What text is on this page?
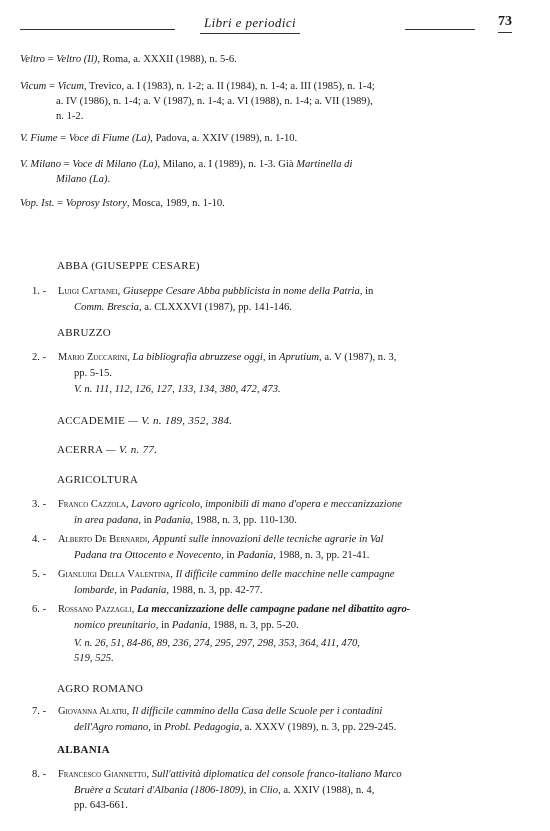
Libri e periodici	73
Veltro = Veltro (Il), Roma, a. XXXII (1988), n. 5-6.
Vicum = Vicum, Trevico, a. I (1983), n. 1-2; a. II (1984), n. 1-4; a. III (1985), n. 1-4;
a. IV (1986), n. 1-4; a. V (1987), n. 1-4; a. VI (1988), n. 1-4; a. VII (1989),
n. 1-2.
V. Fiume = Voce di Fiume (La), Padova, a. XXIV (1989), n. 1-10.
V. Milano = Voce di Milano (La), Milano, a. I (1989), n. 1-3. Già Martinella di
Milano (La).
Vop. Ist. = Voprosy Istory, Mosca, 1989, n. 1-10.
ABBA (GIUSEPPE CESARE)
1. - Luigi Cattanei, Giuseppe Cesare Abba pubblicista in nome della Patria, in
Comm. Brescia, a. CLXXXVI (1987), pp. 141-146.
ABRUZZO
2. - Mario Zuccarini, La bibliografia abruzzese oggi, in Aprutium, a. V (1987), n. 3,
pp. 5-15.
V. n. 111, 112, 126, 127, 133, 134, 380, 472, 473.
ACCADEMIE — V. n. 189, 352, 384.
ACERRA — V. n. 77.
AGRICOLTURA
3. - Franco Cazzola, Lavoro agricolo, imponibili di mano d'opera e meccanizzazione
in area padana, in Padania, 1988, n. 3, pp. 110-130.
4. - Alberto De Bernardi, Appunti sulle innovazioni delle tecniche agrarie in Val
Padana tra Ottocento e Novecento, in Padania, 1988, n. 3, pp. 21-41.
5. - Gianluigi Della Valentina, Il difficile cammino delle macchine nelle campagne
lombarde, in Padania, 1988, n. 3, pp. 42-77.
6. - Rossano Pazzagli, La meccanizzazione delle campagne padane nel dibattito agro-
nomico preunitario, in Padania, 1988, n. 3, pp. 5-20.
V. n. 26, 51, 84-86, 89, 236, 274, 295, 297, 298, 353, 364, 411, 470,
519, 525.
AGRO ROMANO
7. - Giovanna Alatri, Il difficile cammino della Casa delle Scuole per i contadini
dell'Agro romano, in Probl. Pedagogia, a. XXXV (1989), n. 3, pp. 229-245.
ALBANIA
8. - Francesco Giannetto, Sull'attività diplomatica del console franco-italiano Marco
Bruère a Scutari d'Albania (1806-1809), in Clio, a. XXIV (1988), n. 4,
pp. 643-661.
